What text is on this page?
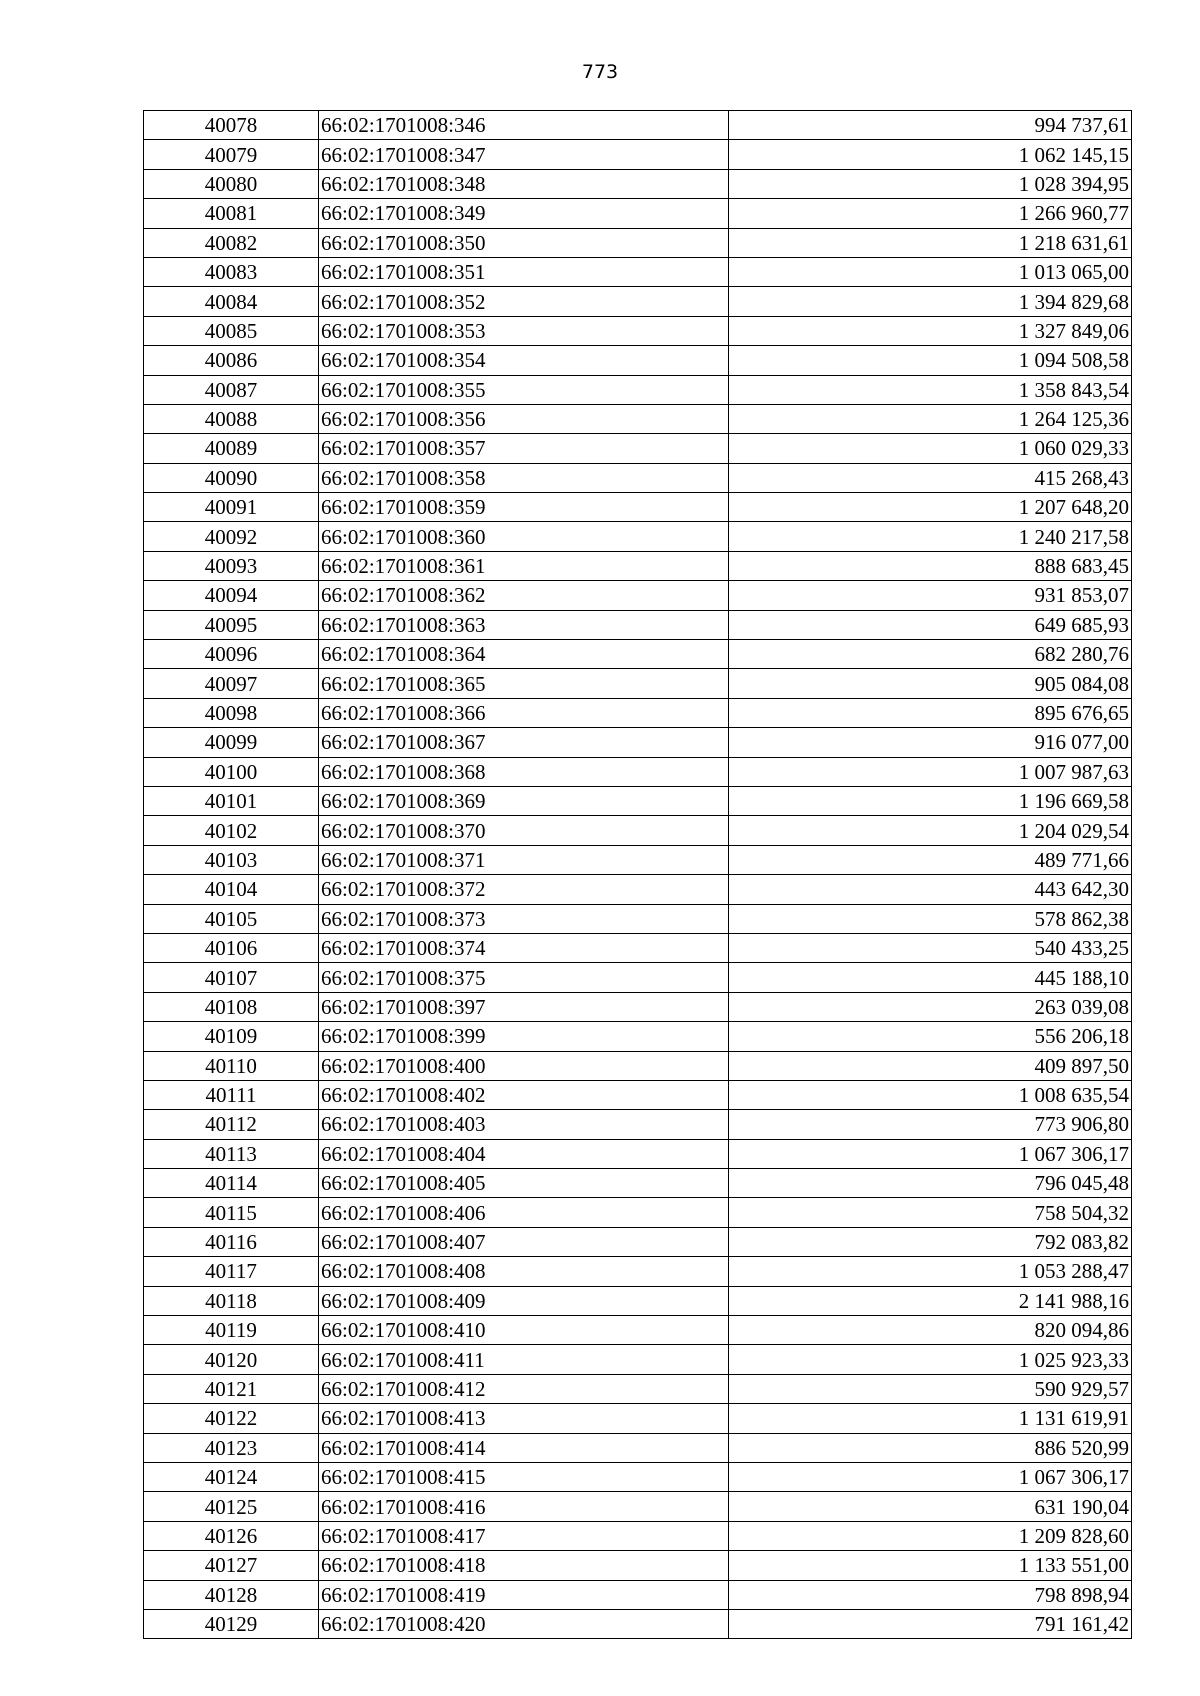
773
40078	66:02:1701008:346	994 737,61
40079	66:02:1701008:347	1 062 145,15
40080	66:02:1701008:348	1 028 394,95
40081	66:02:1701008:349	1 266 960,77
40082	66:02:1701008:350	1 218 631,61
40083	66:02:1701008:351	1 013 065,00
40084	66:02:1701008:352	1 394 829,68
40085	66:02:1701008:353	1 327 849,06
40086	66:02:1701008:354	1 094 508,58
40087	66:02:1701008:355	1 358 843,54
40088	66:02:1701008:356	1 264 125,36
40089	66:02:1701008:357	1 060 029,33
40090	66:02:1701008:358	415 268,43
40091	66:02:1701008:359	1 207 648,20
40092	66:02:1701008:360	1 240 217,58
40093	66:02:1701008:361	888 683,45
40094	66:02:1701008:362	931 853,07
40095	66:02:1701008:363	649 685,93
40096	66:02:1701008:364	682 280,76
40097	66:02:1701008:365	905 084,08
40098	66:02:1701008:366	895 676,65
40099	66:02:1701008:367	916 077,00
40100	66:02:1701008:368	1 007 987,63
40101	66:02:1701008:369	1 196 669,58
40102	66:02:1701008:370	1 204 029,54
40103	66:02:1701008:371	489 771,66
40104	66:02:1701008:372	443 642,30
40105	66:02:1701008:373	578 862,38
40106	66:02:1701008:374	540 433,25
40107	66:02:1701008:375	445 188,10
40108	66:02:1701008:397	263 039,08
40109	66:02:1701008:399	556 206,18
40110	66:02:1701008:400	409 897,50
40111	66:02:1701008:402	1 008 635,54
40112	66:02:1701008:403	773 906,80
40113	66:02:1701008:404	1 067 306,17
40114	66:02:1701008:405	796 045,48
40115	66:02:1701008:406	758 504,32
40116	66:02:1701008:407	792 083,82
40117	66:02:1701008:408	1 053 288,47
40118	66:02:1701008:409	2 141 988,16
40119	66:02:1701008:410	820 094,86
40120	66:02:1701008:411	1 025 923,33
40121	66:02:1701008:412	590 929,57
40122	66:02:1701008:413	1 131 619,91
40123	66:02:1701008:414	886 520,99
40124	66:02:1701008:415	1 067 306,17
40125	66:02:1701008:416	631 190,04
40126	66:02:1701008:417	1 209 828,60
40127	66:02:1701008:418	1 133 551,00
40128	66:02:1701008:419	798 898,94
40129	66:02:1701008:420	791 161,42
